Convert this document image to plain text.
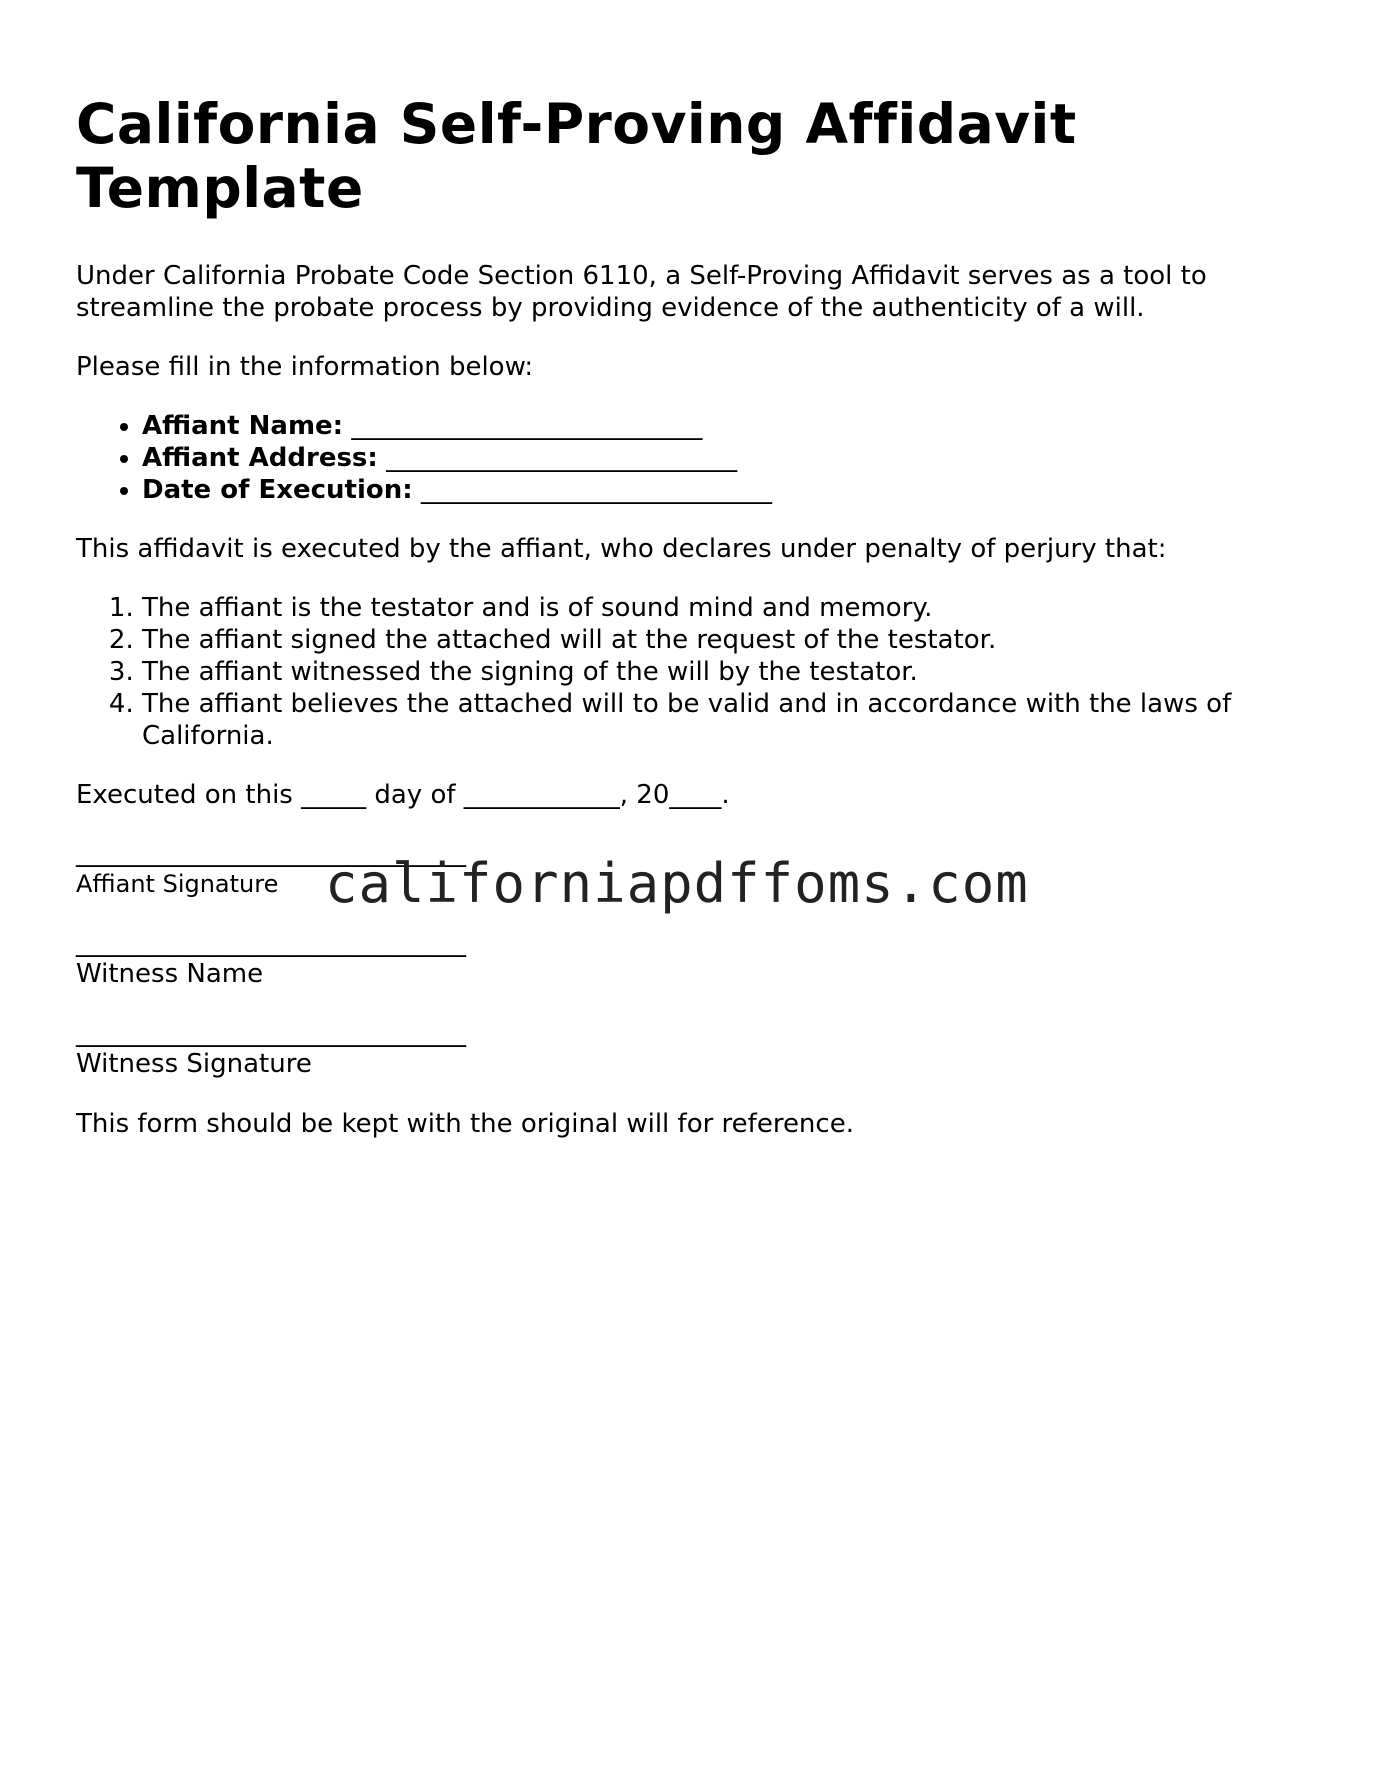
California Self-Proving Affidavit Template

Under California Probate Code Section 6110, a Self-Proving Affidavit serves as a tool to streamline the probate process by providing evidence of the authenticity of a will.

Please fill in the information below:

• Affiant Name: ___________________________
• Affiant Address: ___________________________
• Date of Execution: ___________________________

This affidavit is executed by the affiant, who declares under penalty of perjury that:

1. The affiant is the testator and is of sound mind and memory.
2. The affiant signed the attached will at the request of the testator.
3. The affiant witnessed the signing of the will by the testator.
4. The affiant believes the attached will to be valid and in accordance with the laws of California.

Executed on this _____ day of ____________, 20____.

______________________________
Affiant Signature
______________________________
Witness Name
______________________________
Witness Signature

This form should be kept with the original will for reference.

californiapdffoms.com
